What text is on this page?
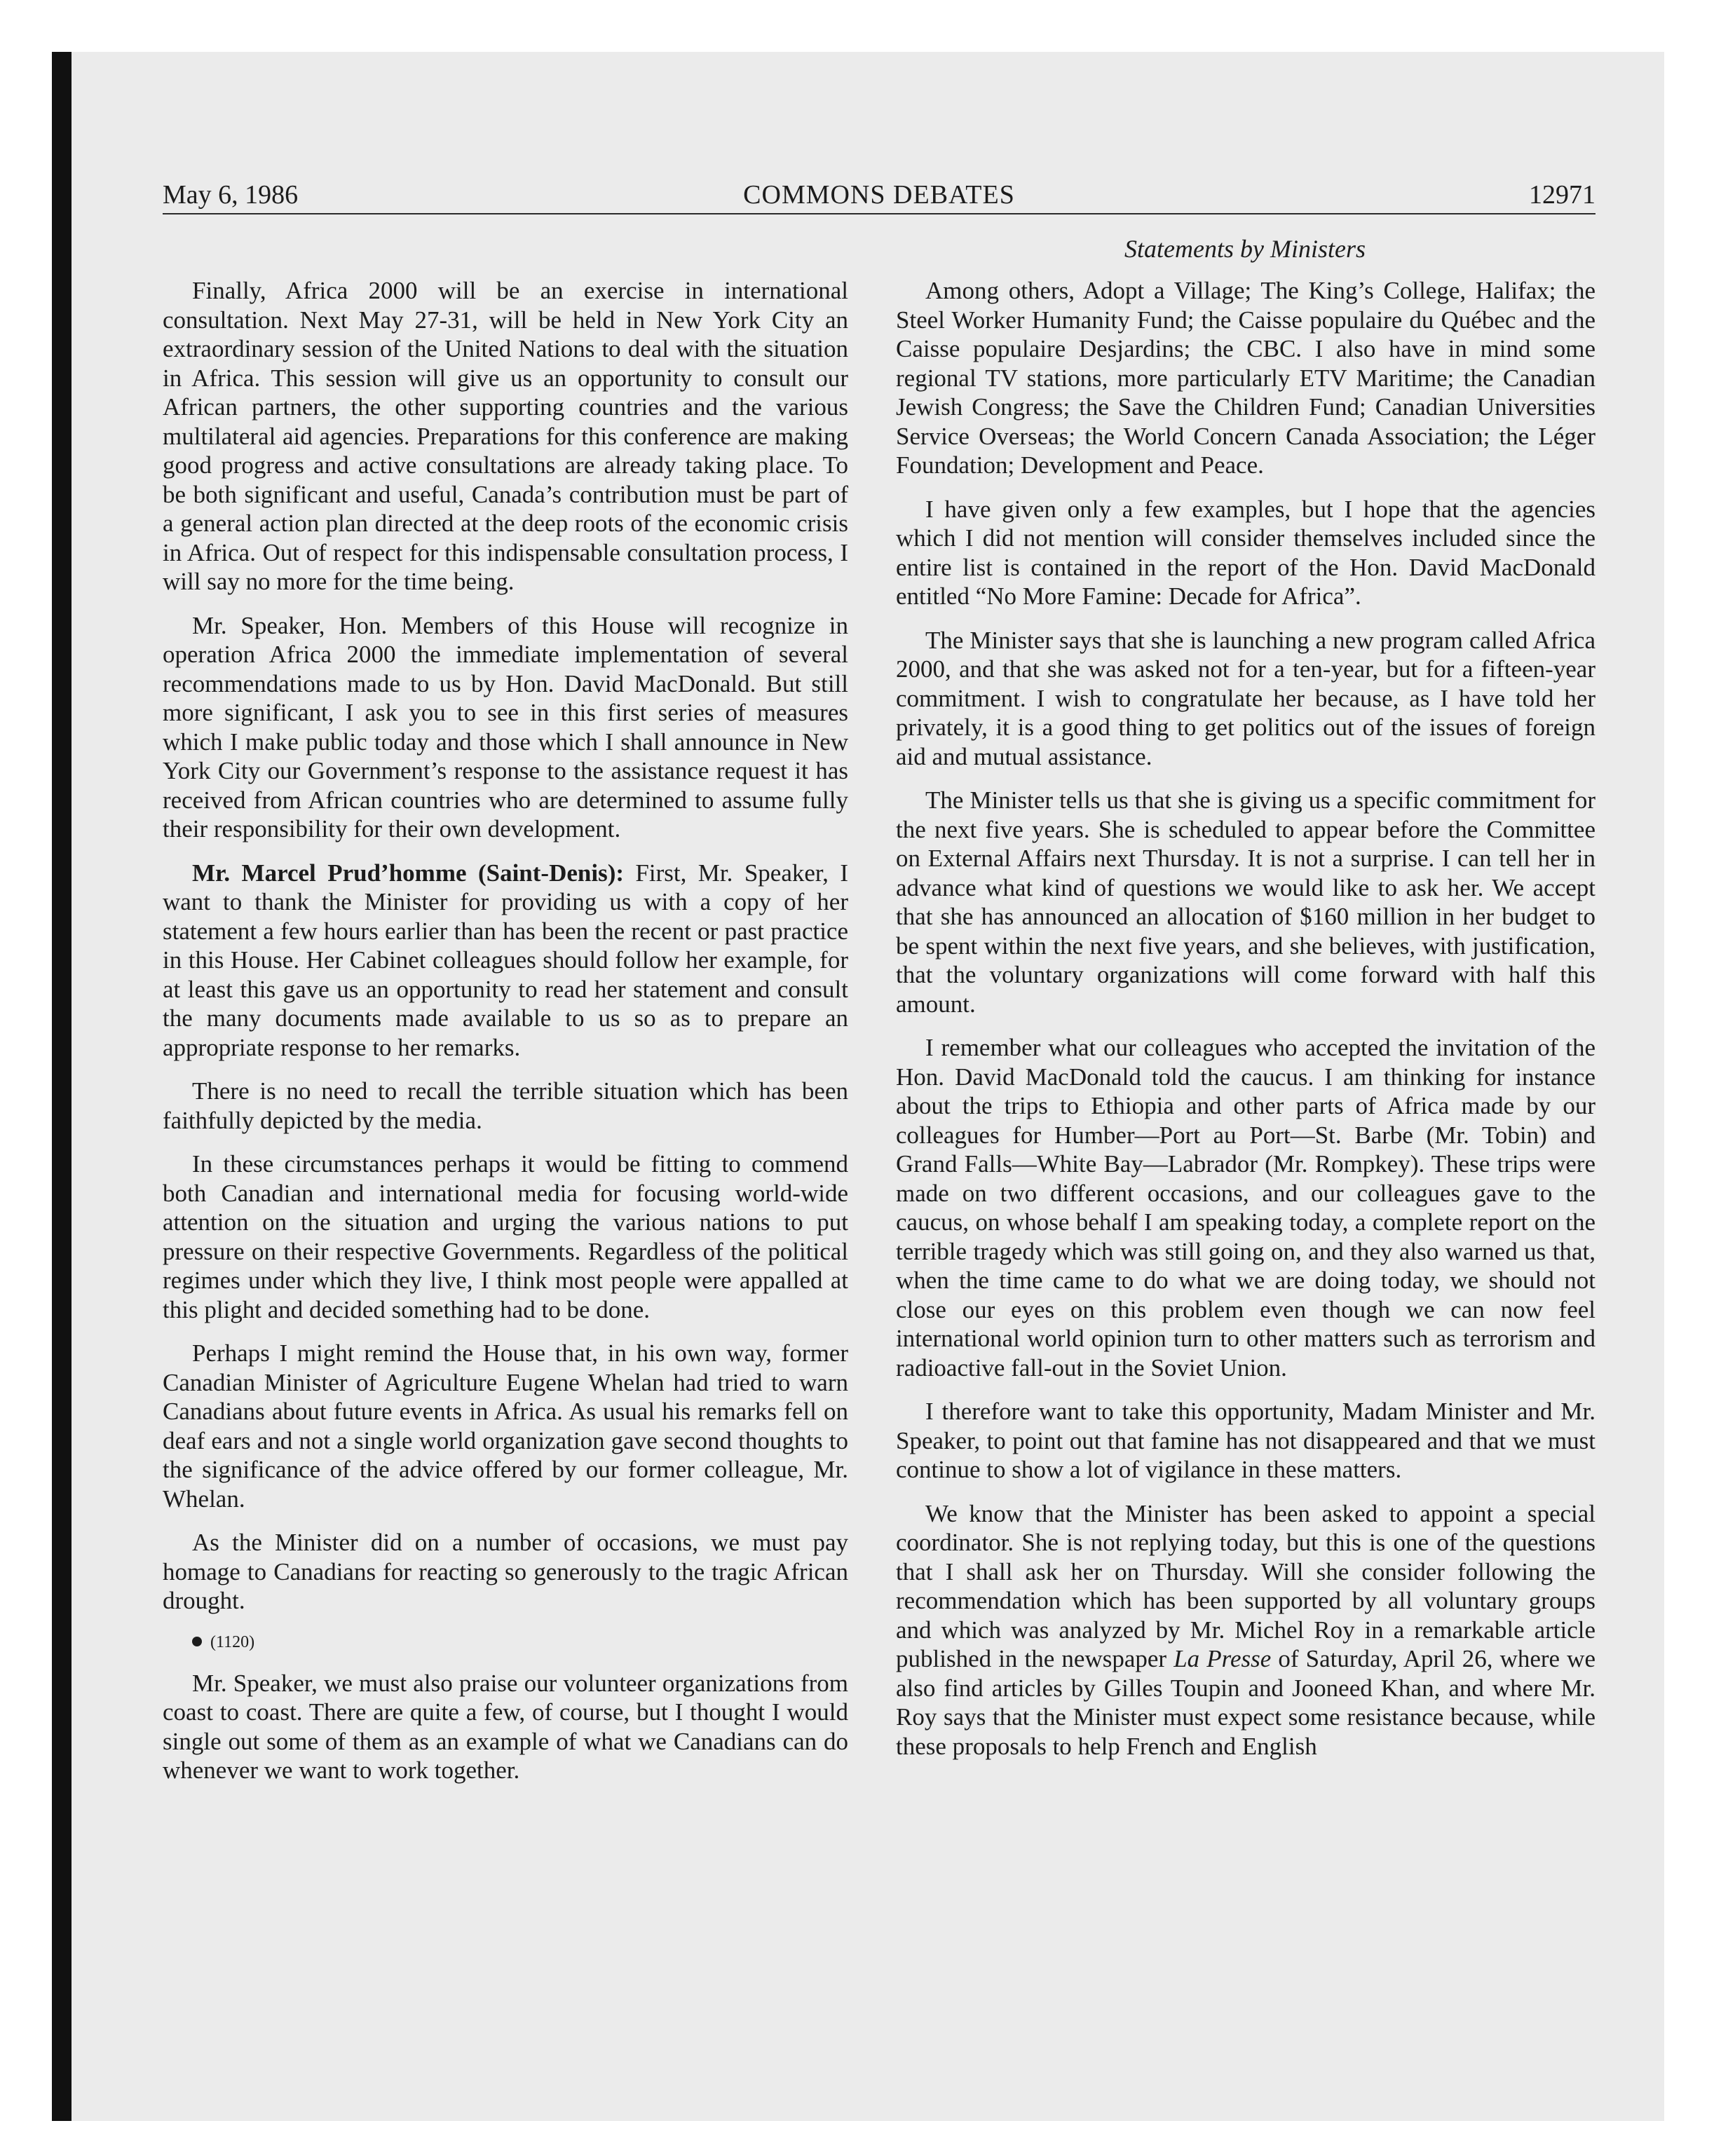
May 6, 1986	COMMONS DEBATES	12971
Statements by Ministers

Finally, Africa 2000 will be an exercise in international consultation. Next May 27-31, will be held in New York City an extraordinary session of the United Nations to deal with the situation in Africa. This session will give us an opportunity to consult our African partners, the other supporting countries and the various multilateral aid agencies. Preparations for this conference are making good progress and active consultations are already taking place. To be both significant and useful, Canada’s contribution must be part of a general action plan directed at the deep roots of the economic crisis in Africa. Out of respect for this indispensable consultation process, I will say no more for the time being.

Mr. Speaker, Hon. Members of this House will recognize in operation Africa 2000 the immediate implementation of several recommendations made to us by Hon. David MacDonald. But still more significant, I ask you to see in this first series of measures which I make public today and those which I shall announce in New York City our Government’s response to the assistance request it has received from African countries who are determined to assume fully their responsibility for their own development.

Mr. Marcel Prud’homme (Saint-Denis): First, Mr. Speaker, I want to thank the Minister for providing us with a copy of her statement a few hours earlier than has been the recent or past practice in this House. Her Cabinet colleagues should follow her example, for at least this gave us an opportunity to read her statement and consult the many documents made available to us so as to prepare an appropriate response to her remarks.

There is no need to recall the terrible situation which has been faithfully depicted by the media.

In these circumstances perhaps it would be fitting to commend both Canadian and international media for focusing world-wide attention on the situation and urging the various nations to put pressure on their respective Governments. Regardless of the political regimes under which they live, I think most people were appalled at this plight and decided something had to be done.

Perhaps I might remind the House that, in his own way, former Canadian Minister of Agriculture Eugene Whelan had tried to warn Canadians about future events in Africa. As usual his remarks fell on deaf ears and not a single world organization gave second thoughts to the significance of the advice offered by our former colleague, Mr. Whelan.

As the Minister did on a number of occasions, we must pay homage to Canadians for reacting so generously to the tragic African drought.

(1120)

Mr. Speaker, we must also praise our volunteer organizations from coast to coast. There are quite a few, of course, but I thought I would single out some of them as an example of what we Canadians can do whenever we want to work together.

Among others, Adopt a Village; The King’s College, Halifax; the Steel Worker Humanity Fund; the Caisse populaire du Québec and the Caisse populaire Desjardins; the CBC. I also have in mind some regional TV stations, more particularly ETV Maritime; the Canadian Jewish Congress; the Save the Children Fund; Canadian Universities Service Overseas; the World Concern Canada Association; the Léger Foundation; Development and Peace.

I have given only a few examples, but I hope that the agencies which I did not mention will consider themselves included since the entire list is contained in the report of the Hon. David MacDonald entitled “No More Famine: Decade for Africa”.

The Minister says that she is launching a new program called Africa 2000, and that she was asked not for a ten-year, but for a fifteen-year commitment. I wish to congratulate her because, as I have told her privately, it is a good thing to get politics out of the issues of foreign aid and mutual assistance.

The Minister tells us that she is giving us a specific commitment for the next five years. She is scheduled to appear before the Committee on External Affairs next Thursday. It is not a surprise. I can tell her in advance what kind of questions we would like to ask her. We accept that she has announced an allocation of $160 million in her budget to be spent within the next five years, and she believes, with justification, that the voluntary organizations will come forward with half this amount.

I remember what our colleagues who accepted the invitation of the Hon. David MacDonald told the caucus. I am thinking for instance about the trips to Ethiopia and other parts of Africa made by our colleagues for Humber—Port au Port—St. Barbe (Mr. Tobin) and Grand Falls—White Bay—Labrador (Mr. Rompkey). These trips were made on two different occasions, and our colleagues gave to the caucus, on whose behalf I am speaking today, a complete report on the terrible tragedy which was still going on, and they also warned us that, when the time came to do what we are doing today, we should not close our eyes on this problem even though we can now feel international world opinion turn to other matters such as terrorism and radioactive fall-out in the Soviet Union.

I therefore want to take this opportunity, Madam Minister and Mr. Speaker, to point out that famine has not disappeared and that we must continue to show a lot of vigilance in these matters.

We know that the Minister has been asked to appoint a special coordinator. She is not replying today, but this is one of the questions that I shall ask her on Thursday. Will she consider following the recommendation which has been supported by all voluntary groups and which was analyzed by Mr. Michel Roy in a remarkable article published in the newspaper La Presse of Saturday, April 26, where we also find articles by Gilles Toupin and Jooneed Khan, and where Mr. Roy says that the Minister must expect some resistance because, while these proposals to help French and English
